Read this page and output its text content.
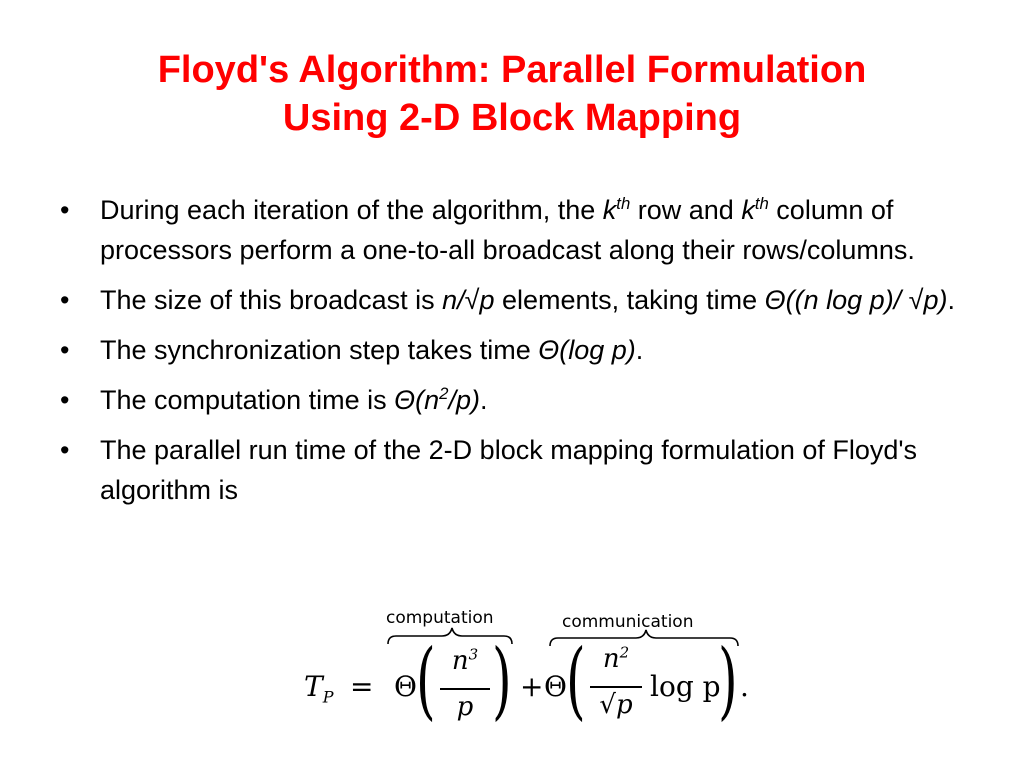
Floyd's Algorithm: Parallel Formulation
Using 2-D Block Mapping
• During each iteration of the algorithm, the $k^{th}$ row and $k^{th}$ column of processors perform a one-to-all broadcast along their rows/columns.
• The size of this broadcast is n/√p elements, taking time Θ((n log p)/ √p).
• The synchronization step takes time Θ(log p).
• The computation time is $\Theta(n^2/p)$.
• The parallel run time of the 2-D block mapping formulation of Floyd's algorithm is
computation	communication
$T_P = \Theta$ ( $n^3$
p ) + Θ ( $n^2$
√p
log p
) .
